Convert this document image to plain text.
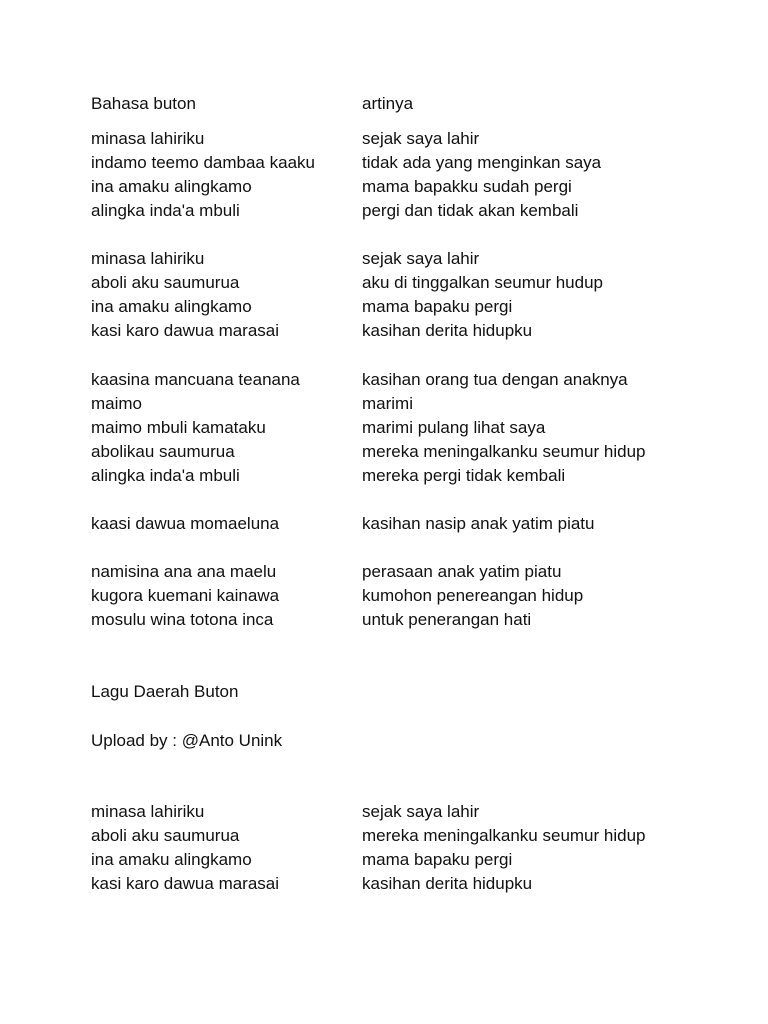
Bahasa buton	artinya
minasa lahiriku	sejak saya lahir
indamo teemo dambaa kaaku	tidak ada yang menginkan saya
ina amaku alingkamo	mama bapakku sudah pergi
alingka inda'a mbuli	pergi dan tidak akan kembali
minasa lahiriku	sejak saya lahir
aboli aku saumurua	aku di tinggalkan seumur hudup
ina amaku alingkamo	mama bapaku pergi
kasi karo dawua marasai	kasihan derita hidupku
kaasina mancuana teanana	kasihan orang tua dengan anaknya
maimo	marimi
maimo mbuli kamataku	marimi pulang lihat saya
abolikau saumurua	mereka meningalkanku seumur hidup
alingka inda'a mbuli	mereka pergi tidak kembali
kaasi dawua momaeluna	kasihan nasip anak yatim piatu
namisina ana ana maelu	perasaan anak yatim piatu
kugora kuemani kainawa	kumohon penereangan hidup
mosulu wina totona inca	untuk penerangan hati
Lagu Daerah Buton
Upload by : @Anto Unink
minasa lahiriku	sejak saya lahir
aboli aku saumurua	mereka meningalkanku seumur hidup
ina amaku alingkamo	mama bapaku pergi
kasi karo dawua marasai	kasihan derita hidupku
